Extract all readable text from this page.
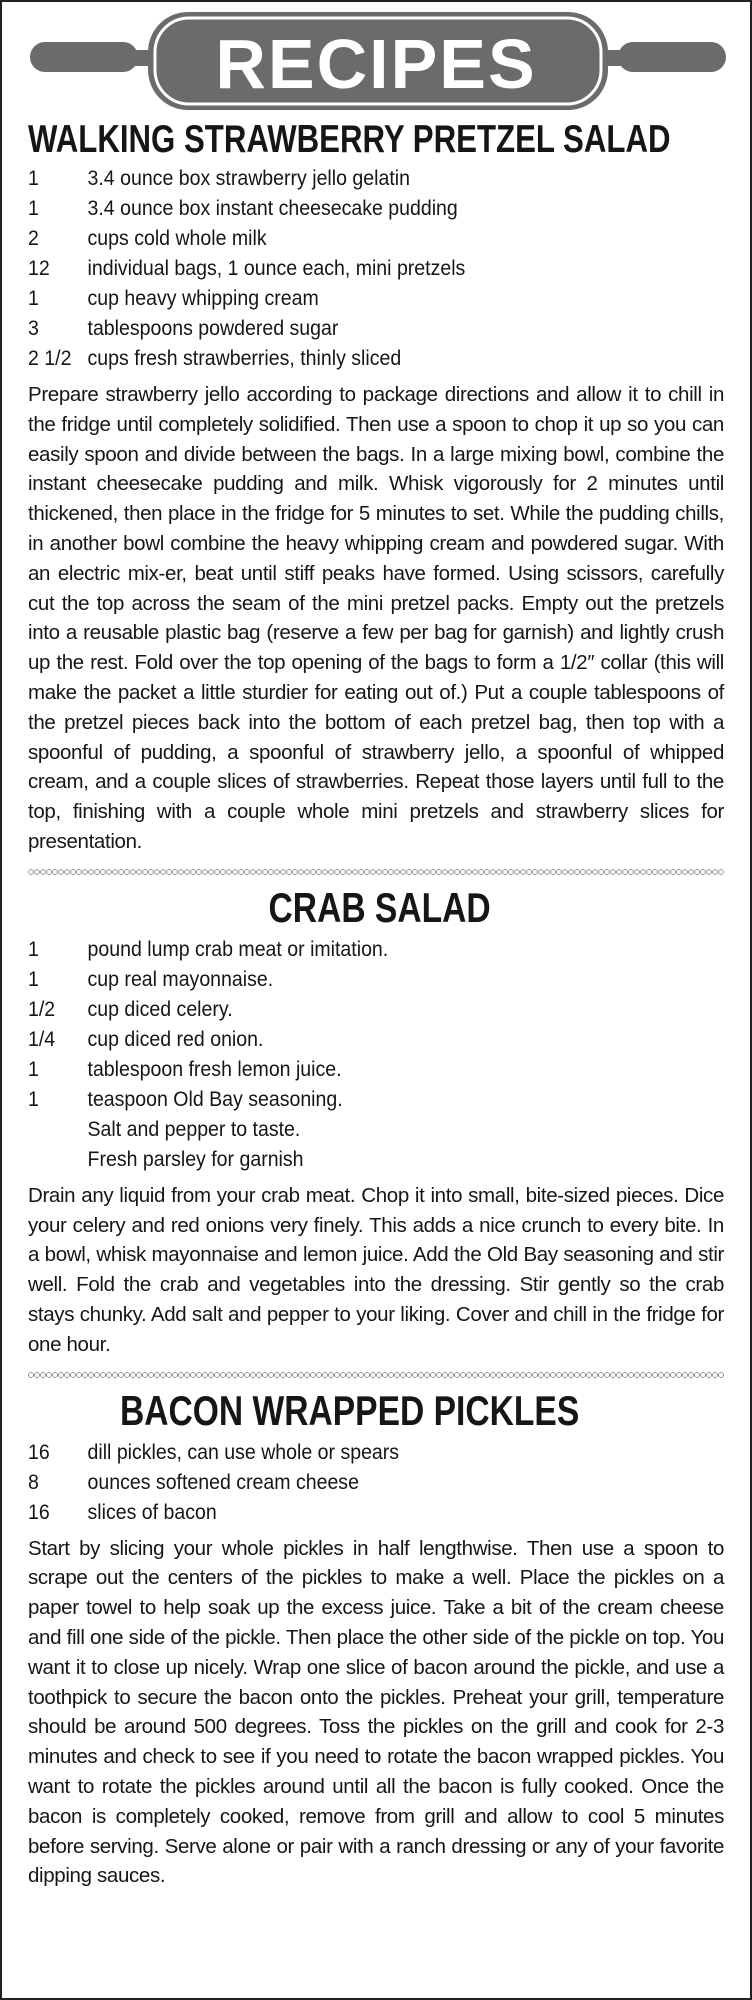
RECIPES
WALKING STRAWBERRY PRETZEL SALAD
1	3.4 ounce box strawberry jello gelatin
1	3.4 ounce box instant cheesecake pudding
2	cups cold whole milk
12	individual bags, 1 ounce each, mini pretzels
1	cup heavy whipping cream
3	tablespoons powdered sugar
2 1/2 cups fresh strawberries, thinly sliced

Prepare strawberry jello according to package directions and allow it to chill in the fridge until completely solidified. Then use a spoon to chop it up so you can easily spoon and divide between the bags. In a large mixing bowl, combine the instant cheesecake pudding and milk. Whisk vigorously for 2 minutes until thickened, then place in the fridge for 5 minutes to set. While the pudding chills, in another bowl combine the heavy whipping cream and powdered sugar. With an electric mix-er, beat until stiff peaks have formed. Using scissors, carefully cut the top across the seam of the mini pretzel packs. Empty out the pretzels into a reusable plastic bag (reserve a few per bag for garnish) and lightly crush up the rest. Fold over the top opening of the bags to form a 1/2″ collar (this will make the packet a little sturdier for eating out of.) Put a couple tablespoons of the pretzel pieces back into the bottom of each pretzel bag, then top with a spoonful of pudding, a spoonful of strawberry jello, a spoonful of whipped cream, and a couple slices of strawberries. Repeat those layers until full to the top, finishing with a couple whole mini pretzels and strawberry slices for presentation.

CRAB SALAD
1	pound lump crab meat or imitation.
1	cup real mayonnaise.
1/2	cup diced celery.
1/4	cup diced red onion.
1	tablespoon fresh lemon juice.
1	teaspoon Old Bay seasoning.
Salt and pepper to taste.
Fresh parsley for garnish

Drain any liquid from your crab meat. Chop it into small, bite-sized pieces. Dice your celery and red onions very finely. This adds a nice crunch to every bite. In a bowl, whisk mayonnaise and lemon juice. Add the Old Bay seasoning and stir well. Fold the crab and vegetables into the dressing. Stir gently so the crab stays chunky. Add salt and pepper to your liking. Cover and chill in the fridge for one hour.

BACON WRAPPED PICKLES
16	dill pickles, can use whole or spears
8	ounces softened cream cheese
16	slices of bacon

Start by slicing your whole pickles in half lengthwise. Then use a spoon to scrape out the centers of the pickles to make a well. Place the pickles on a paper towel to help soak up the excess juice. Take a bit of the cream cheese and fill one side of the pickle. Then place the other side of the pickle on top. You want it to close up nicely. Wrap one slice of bacon around the pickle, and use a toothpick to secure the bacon onto the pickles. Preheat your grill, temperature should be around 500 degrees. Toss the pickles on the grill and cook for 2-3 minutes and check to see if you need to rotate the bacon wrapped pickles. You want to rotate the pickles around until all the bacon is fully cooked. Once the bacon is completely cooked, remove from grill and allow to cool 5 minutes before serving. Serve alone or pair with a ranch dressing or any of your favorite dipping sauces.
